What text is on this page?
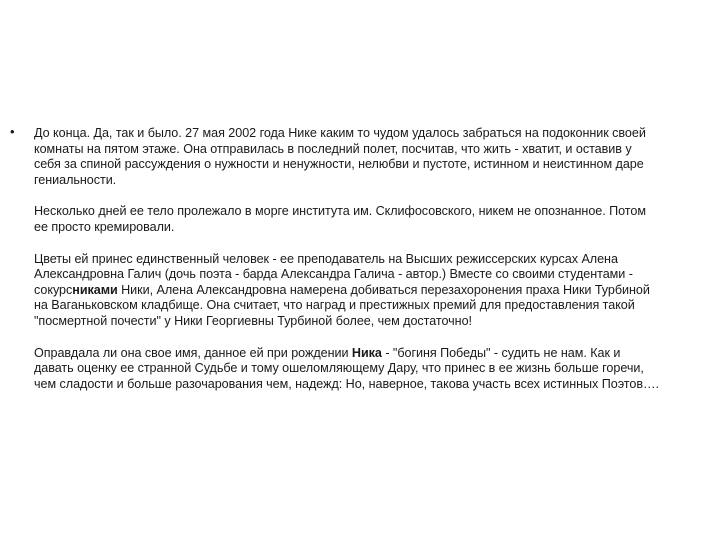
• До конца. Да, так и было. 27 мая 2002 года Нике каким то чудом удалось забраться на подоконник своей комнаты на пятом этаже. Она отправилась в последний полет, посчитав, что жить - хватит, и оставив у себя за спиной рассуждения о нужности и ненужности, нелюбви и пустоте, истинном и неистинном даре гениальности.

Несколько дней ее тело пролежало в морге института им. Склифосовского, никем не опознанное. Потом ее просто кремировали.

Цветы ей принес единственный человек - ее преподаватель на Высших режиссерских курсах Алена Александровна Галич (дочь поэта - барда Александра Галича - автор.) Вместе со своими студентами - сокурсниками Ники, Алена Александровна намерена добиваться перезахоронения праха Ники Турбиной на Ваганьковском кладбище. Она считает, что наград и престижных премий для предоставления такой "посмертной почести" у Ники Георгиевны Турбиной более, чем достаточно!

Оправдала ли она свое имя, данное ей при рождении Ника - "богиня Победы" - судить не нам. Как и давать оценку ее странной Судьбе и тому ошеломляющему Дару, что принес в ее жизнь больше горечи, чем сладости и больше разочарования чем, надежд: Но, наверное, такова участь всех истинных Поэтов….
